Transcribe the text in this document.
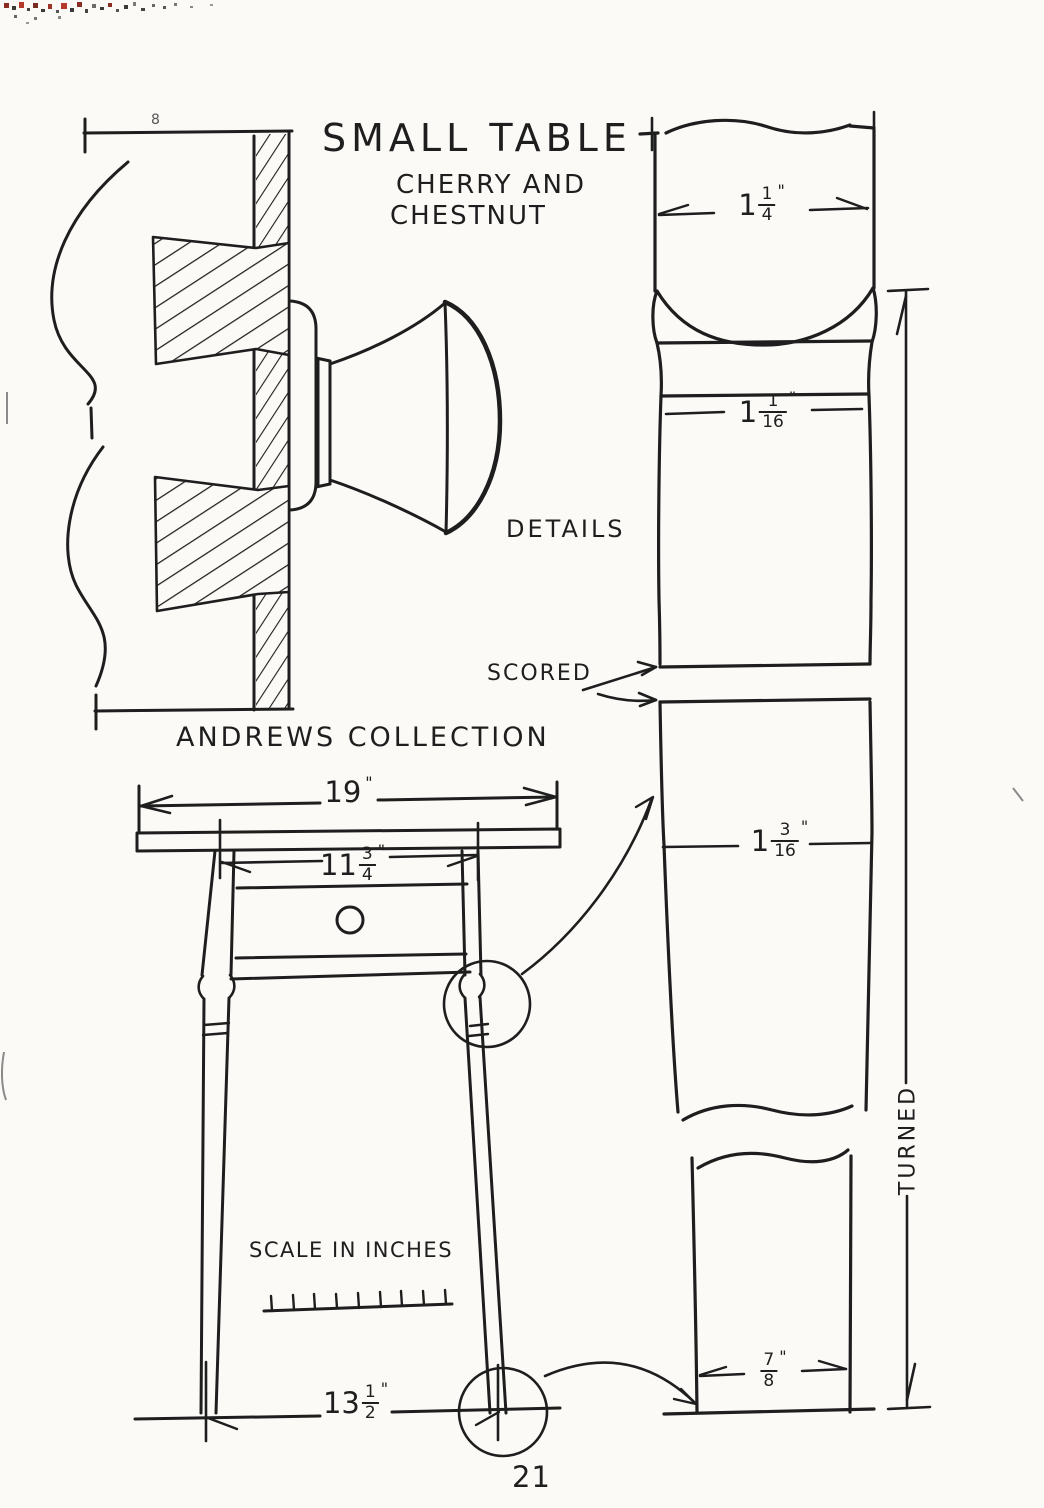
SMALL TABLE
CHERRY AND
CHESTNUT
DETAILS
SCORED
ANDREWS COLLECTION
SCALE IN INCHES
TURNED
21
8
19 "
$11 \frac{3}{4}$ "
$13 \frac{1}{2}$ "
$1 \frac{1}{4}$ "
$1 \frac{1}{16}$ "
$1 \frac{3}{16}$ "
$\frac{7}{8}$ "
